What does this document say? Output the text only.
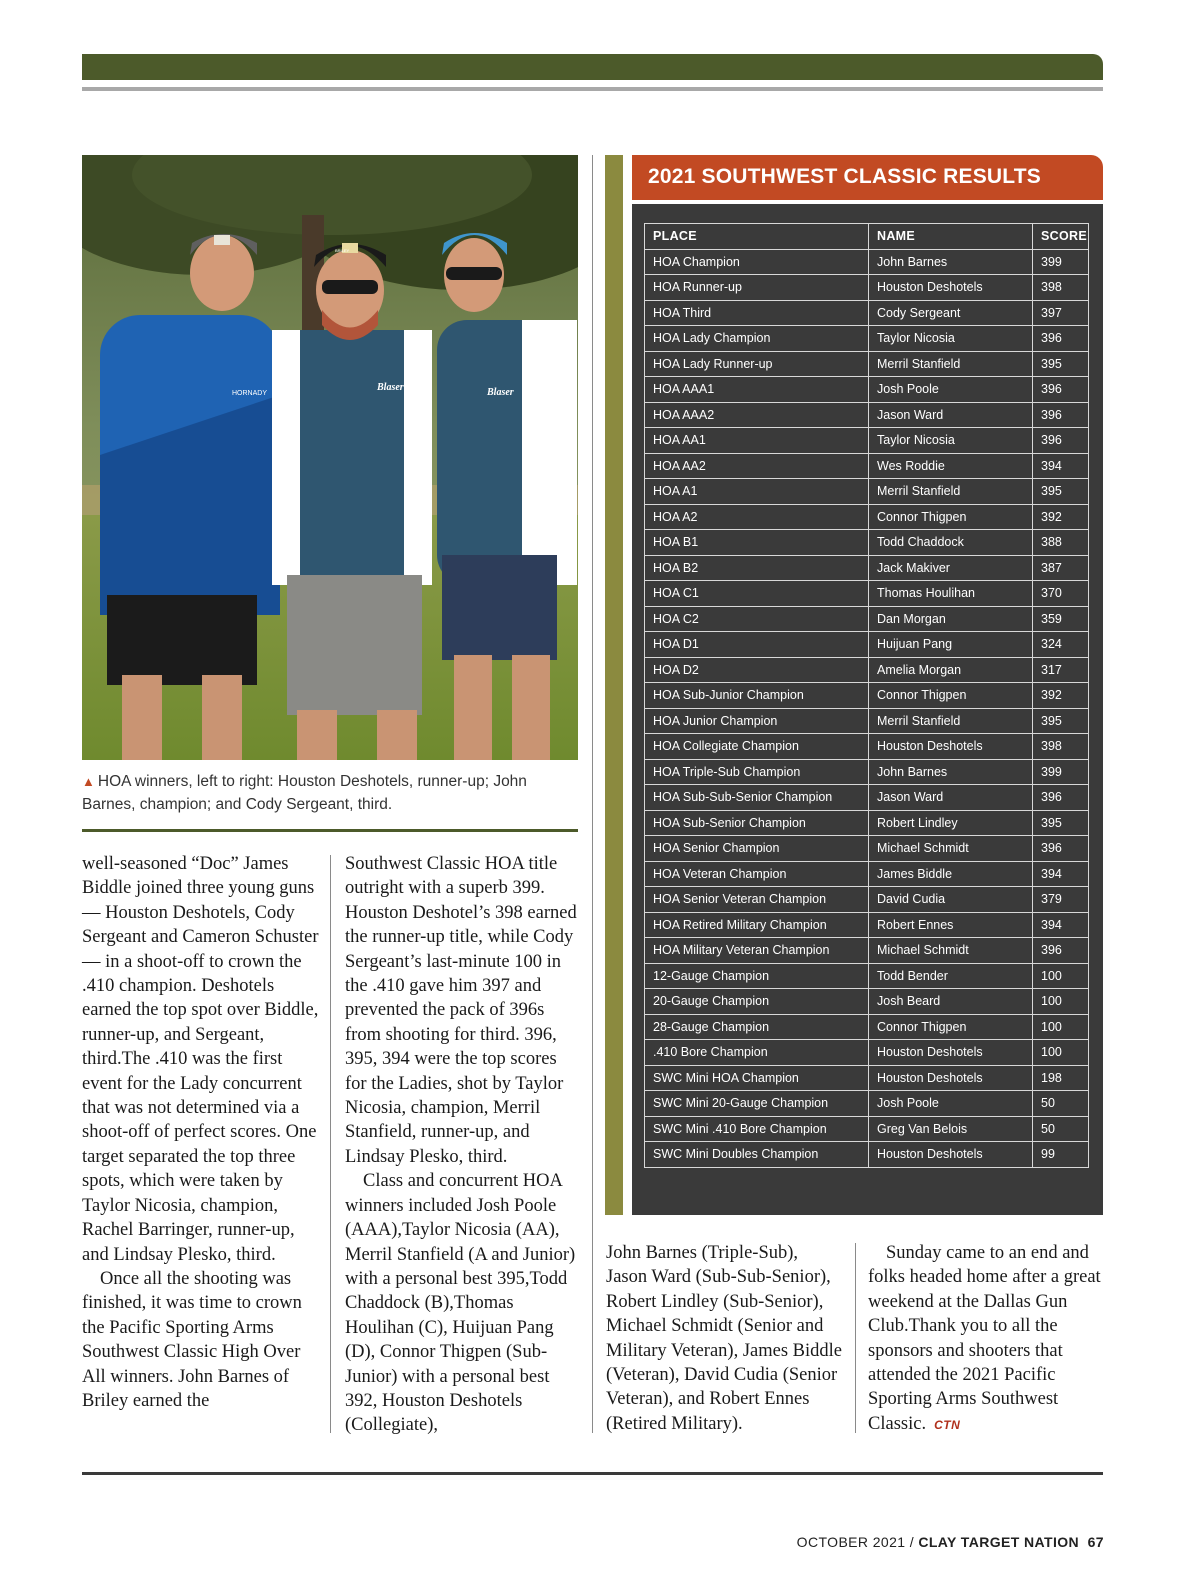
HORNADY
Blaser	Blaser
BRILEY
▲ HOA winners, left to right: Houston Deshotels, runner-up; John Barnes, champion; and Cody Sergeant, third.

well-seasoned “Doc” James Biddle joined three young guns — Houston Deshotels, Cody Sergeant and Cameron Schuster — in a shoot-off to crown the .410 champion. Deshotels earned the top spot over Biddle, runner-up, and Sergeant, third.The .410 was the first event for the Lady concurrent that was not determined via a shoot-off of perfect scores. One target separated the top three spots, which were taken by Taylor Nicosia, champion, Rachel Barringer, runner-up, and Lindsay Plesko, third.

Once all the shooting was finished, it was time to crown the Pacific Sporting Arms Southwest Classic High Over All winners. John Barnes of Briley earned the

Southwest Classic HOA title outright with a superb 399. Houston Deshotel’s 398 earned the runner-up title, while Cody Sergeant’s last-minute 100 in the .410 gave him 397 and prevented the pack of 396s from shooting for third. 396, 395, 394 were the top scores for the Ladies, shot by Taylor Nicosia, champion, Merril Stanfield, runner-up, and Lindsay Plesko, third.

Class and concurrent HOA winners included Josh Poole (AAA),Taylor Nicosia (AA), Merril Stanfield (A and Junior) with a personal best 395,Todd Chaddock (B),Thomas Houlihan (C), Huijuan Pang (D), Connor Thigpen (Sub-Junior) with a personal best 392, Houston Deshotels (Collegiate),

John Barnes (Triple-Sub), Jason Ward (Sub-Sub-Senior), Robert Lindley (Sub-Senior), Michael Schmidt (Senior and Military Veteran), James Biddle (Veteran), David Cudia (Senior Veteran), and Robert Ennes (Retired Military).

Sunday came to an end and folks headed home after a great weekend at the Dallas Gun Club.Thank you to all the sponsors and shooters that attended the 2021 Pacific Sporting Arms Southwest Classic. CTN

2021 SOUTHWEST CLASSIC RESULTS
PLACE	NAME	SCORE
HOA Champion	John Barnes	399
HOA Runner-up	Houston Deshotels	398
HOA Third	Cody Sergeant	397
HOA Lady Champion	Taylor Nicosia	396
HOA Lady Runner-up	Merril Stanfield	395
HOA AAA1	Josh Poole	396
HOA AAA2	Jason Ward	396
HOA AA1	Taylor Nicosia	396
HOA AA2	Wes Roddie	394
HOA A1	Merril Stanfield	395
HOA A2	Connor Thigpen	392
HOA B1	Todd Chaddock	388
HOA B2	Jack Makiver	387
HOA C1	Thomas Houlihan	370
HOA C2	Dan Morgan	359
HOA D1	Huijuan Pang	324
HOA D2	Amelia Morgan	317
HOA Sub-Junior Champion	Connor Thigpen	392
HOA Junior Champion	Merril Stanfield	395
HOA Collegiate Champion	Houston Deshotels	398
HOA Triple-Sub Champion	John Barnes	399
HOA Sub-Sub-Senior Champion	Jason Ward	396
HOA Sub-Senior Champion	Robert Lindley	395
HOA Senior Champion	Michael Schmidt	396
HOA Veteran Champion	James Biddle	394
HOA Senior Veteran Champion	David Cudia	379
HOA Retired Military Champion	Robert Ennes	394
HOA Military Veteran Champion	Michael Schmidt	396
12-Gauge Champion	Todd Bender	100
20-Gauge Champion	Josh Beard	100
28-Gauge Champion	Connor Thigpen	100
.410 Bore Champion	Houston Deshotels	100
SWC Mini HOA Champion	Houston Deshotels	198
SWC Mini 20-Gauge Champion	Josh Poole	50
SWC Mini .410 Bore Champion	Greg Van Belois	50
SWC Mini Doubles Champion	Houston Deshotels	99
OCTOBER 2021 / CLAY TARGET NATION 67
